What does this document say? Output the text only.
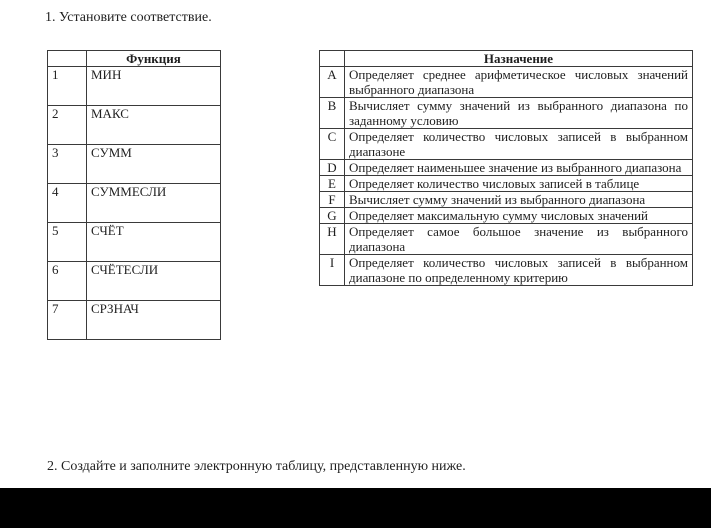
1. Установите соответствие.
	Функция
1	МИН
2	МАКС
3	СУММ
4	СУММЕСЛИ
5	СЧЁТ
6	СЧЁТЕСЛИ
7	СРЗНАЧ
	Назначение
A	Определяет среднее арифметическое числовых значений выбранного диапазона
B	Вычисляет сумму значений из выбранного диапазона по заданному условию
C	Определяет количество числовых записей в выбранном диапазоне
D	Определяет наименьшее значение из выбранного диапазона
E	Определяет количество числовых записей в таблице
F	Вычисляет сумму значений из выбранного диапазона
G	Определяет максимальную сумму числовых значений
H	Определяет самое большое значение из выбранного диапазона
I	Определяет количество числовых записей в выбранном диапазоне по определенному критерию
2. Создайте и заполните электронную таблицу, представленную ниже.
